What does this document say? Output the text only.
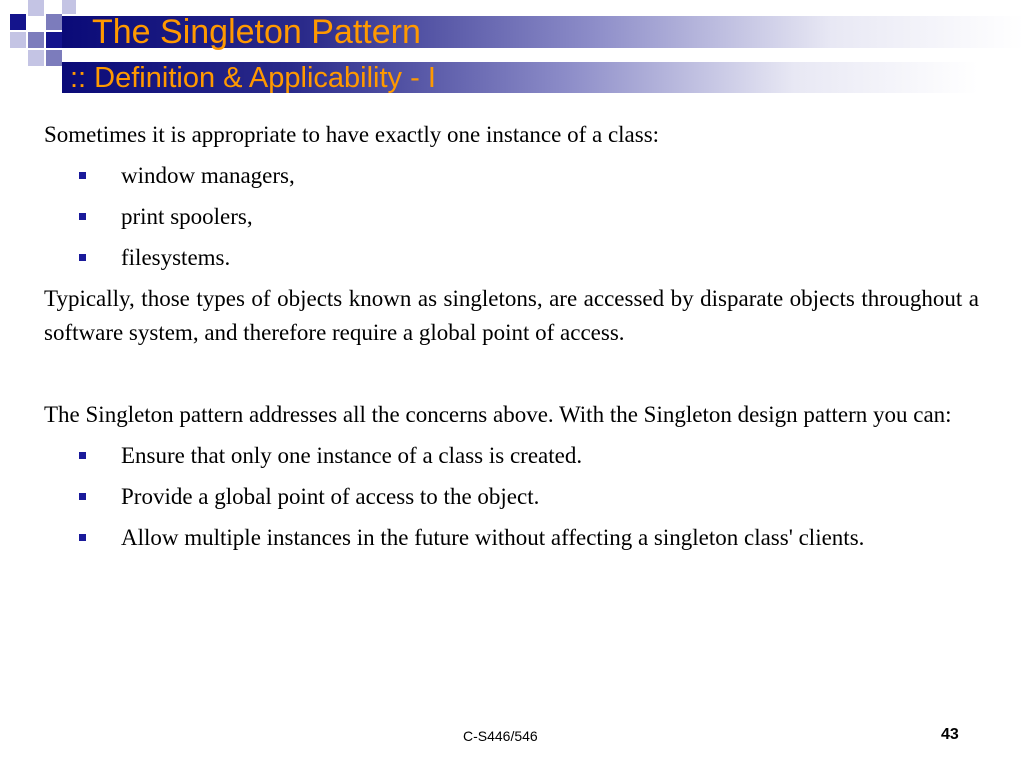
The Singleton Pattern
:: Definition & Applicability - I

Sometimes it is appropriate to have exactly one instance of a class:

window managers,
print spoolers,
filesystems.

Typically, those types of objects known as singletons, are accessed by disparate objects throughout a software system, and therefore require a global point of access.

The Singleton pattern addresses all the concerns above. With the Singleton design pattern you can:

Ensure that only one instance of a class is created.
Provide a global point of access to the object.
Allow multiple instances in the future without affecting a singleton class' clients.
C-S446/546	43
